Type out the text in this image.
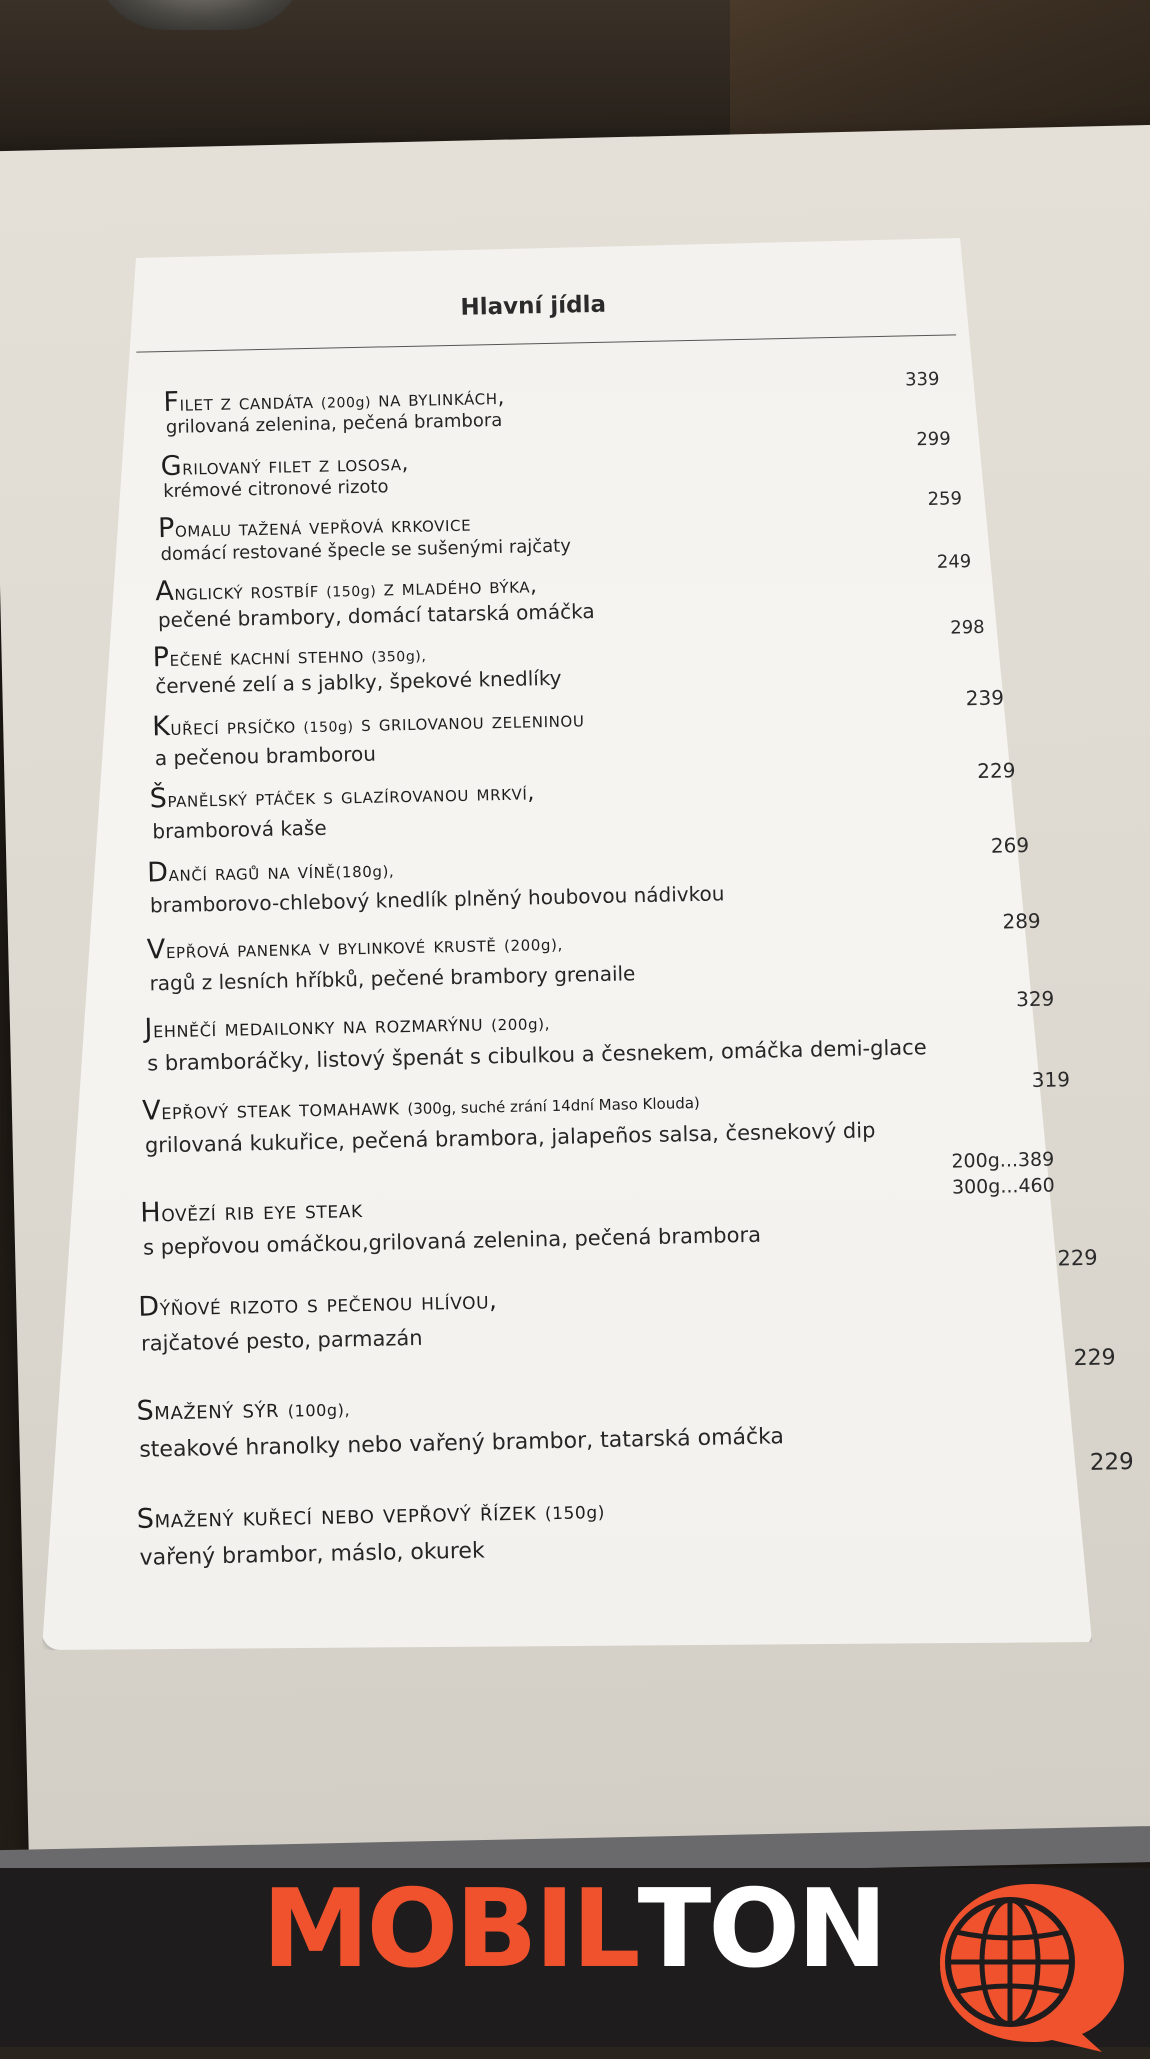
Hlavní jídla
Filet z candáta (200g) na bylinkách,
grilovaná zelenina, pečená brambora
339
Grilovaný filet z lososa,
krémové citronové rizoto
299
Pomalu tažená vepřová krkovice
domácí restované špecle se sušenými rajčaty
259
Anglický rostbíf (150g) z mladého býka,
pečené brambory, domácí tatarská omáčka
249
Pečené kachní stehno (350g),
červené zelí a s jablky, špekové knedlíky
298
Kuřecí prsíčko (150g) s grilovanou zeleninou
a pečenou bramborou
239
Španělský ptáček s glazírovanou mrkví,
bramborová kaše
229
Dančí ragů na víně(180g),
bramborovo-chlebový knedlík plněný houbovou nádivkou
269
Vepřová panenka v bylinkové krustě (200g),
ragů z lesních hříbků, pečené brambory grenaile
289
Jehněčí medailonky na rozmarýnu (200g),
s bramboráčky, listový špenát s cibulkou a česnekem, omáčka demi-glace
329
Vepřový steak tomahawk (300g, suché zrání 14dní Maso Klouda)
grilovaná kukuřice, pečená brambora, jalapeños salsa, česnekový dip
319
Hovězí rib eye steak
s pepřovou omáčkou,grilovaná zelenina, pečená brambora
200g...389
300g...460
Dýňové rizoto s pečenou hlívou,
rajčatové pesto, parmazán
229
Smažený sýr (100g),
steakové hranolky nebo vařený brambor, tatarská omáčka
229
Smažený kuřecí nebo vepřový řízek (150g)
vařený brambor, máslo, okurek
229
MOBIL TON
